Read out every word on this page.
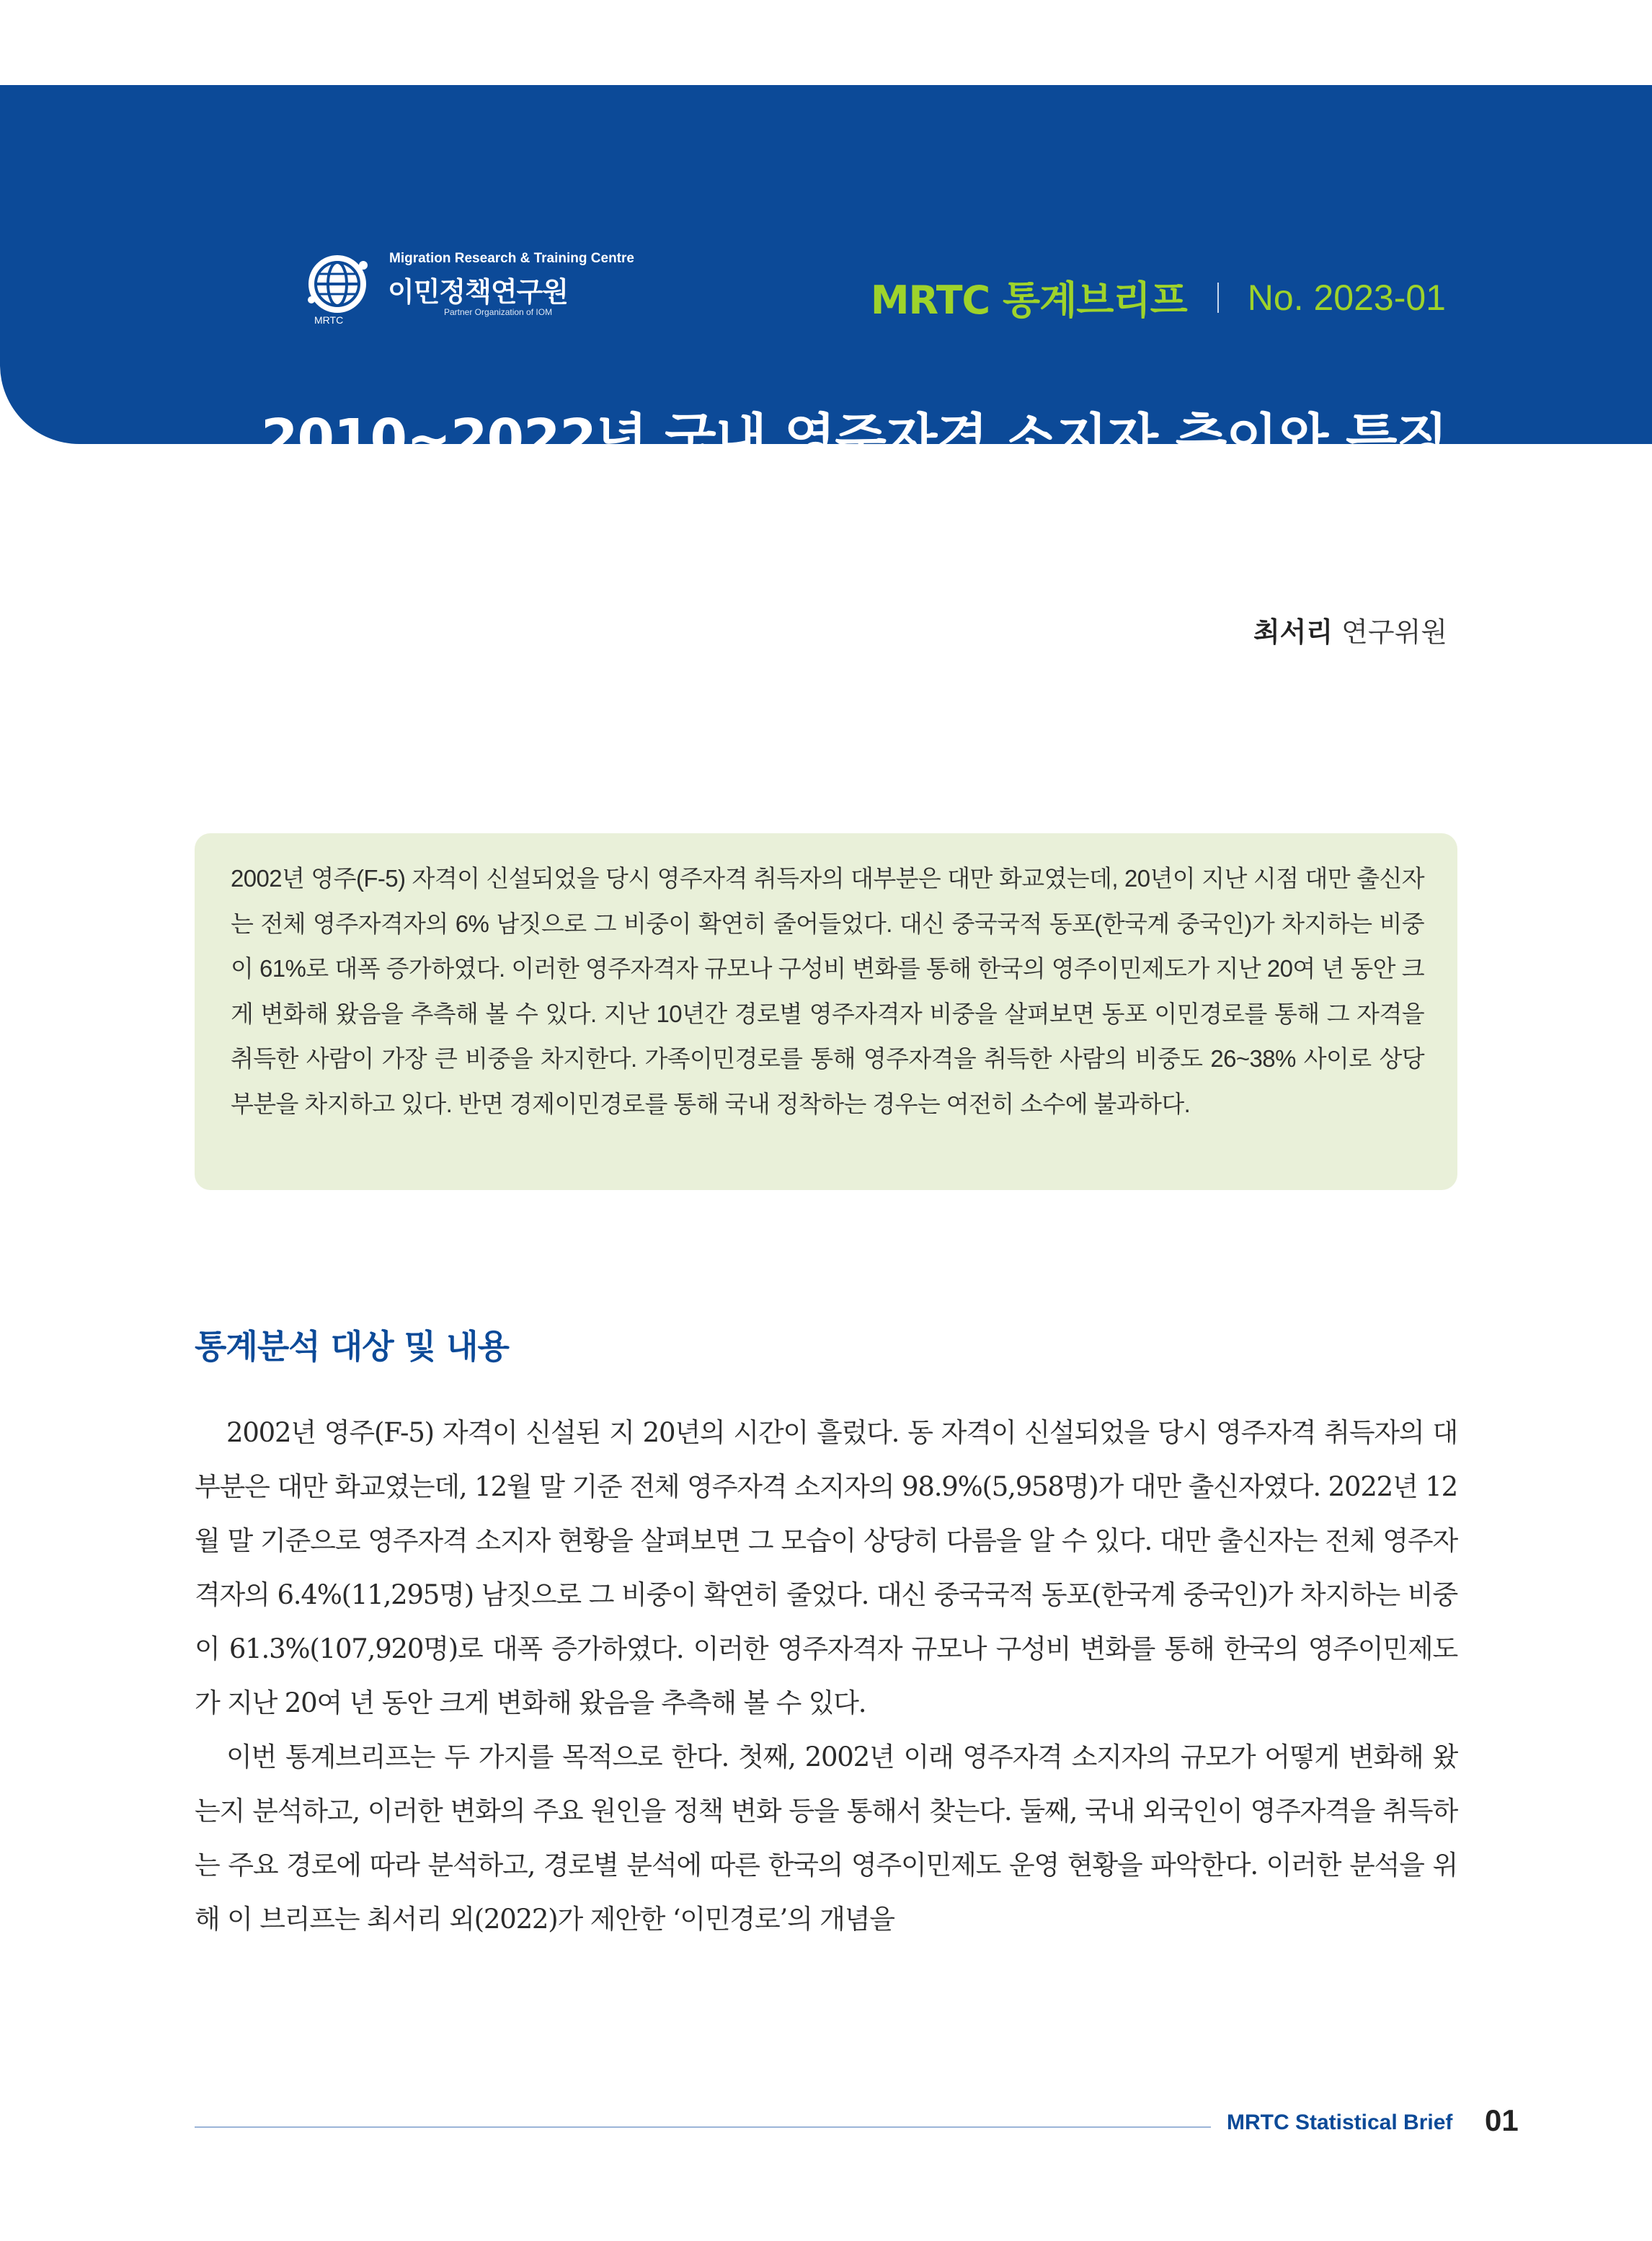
Migration Research & Training Centre
이민정책연구원
Partner Organization of IOM
MRTC	MRTC 통계브리프 No. 2023-01
2010~2022년 국내 영주자격 소지자 추이와 특징
최서리 연구위원

2002년 영주(F-5) 자격이 신설되었을 당시 영주자격 취득자의 대부분은 대만 화교였는데, 20년이 지난 시점 대만 출신자는 전체 영주자격자의 6% 남짓으로 그 비중이 확연히 줄어들었다. 대신 중국국적 동포(한국계 중국인)가 차지하는 비중이 61%로 대폭 증가하였다. 이러한 영주자격자 규모나 구성비 변화를 통해 한국의 영주이민제도가 지난 20여 년 동안 크게 변화해 왔음을 추측해 볼 수 있다. 지난 10년간 경로별 영주자격자 비중을 살펴보면 동포 이민경로를 통해 그 자격을 취득한 사람이 가장 큰 비중을 차지한다. 가족이민경로를 통해 영주자격을 취득한 사람의 비중도 26~38% 사이로 상당 부분을 차지하고 있다. 반면 경제이민경로를 통해 국내 정착하는 경우는 여전히 소수에 불과하다.

통계분석 대상 및 내용

2002년 영주(F-5) 자격이 신설된 지 20년의 시간이 흘렀다. 동 자격이 신설되었을 당시 영주자격 취득자의 대부분은 대만 화교였는데, 12월 말 기준 전체 영주자격 소지자의 98.9%(5,958명)가 대만 출신자였다. 2022년 12월 말 기준으로 영주자격 소지자 현황을 살펴보면 그 모습이 상당히 다름을 알 수 있다. 대만 출신자는 전체 영주자격자의 6.4%(11,295명) 남짓으로 그 비중이 확연히 줄었다. 대신 중국국적 동포(한국계 중국인)가 차지하는 비중이 61.3%(107,920명)로 대폭 증가하였다. 이러한 영주자격자 규모나 구성비 변화를 통해 한국의 영주이민제도가 지난 20여 년 동안 크게 변화해 왔음을 추측해 볼 수 있다.

이번 통계브리프는 두 가지를 목적으로 한다. 첫째, 2002년 이래 영주자격 소지자의 규모가 어떻게 변화해 왔는지 분석하고, 이러한 변화의 주요 원인을 정책 변화 등을 통해서 찾는다. 둘째, 국내 외국인이 영주자격을 취득하는 주요 경로에 따라 분석하고, 경로별 분석에 따른 한국의 영주이민제도 운영 현황을 파악한다. 이러한 분석을 위해 이 브리프는 최서리 외(2022)가 제안한 ‘이민경로’의 개념을

MRTC Statistical Brief 01
